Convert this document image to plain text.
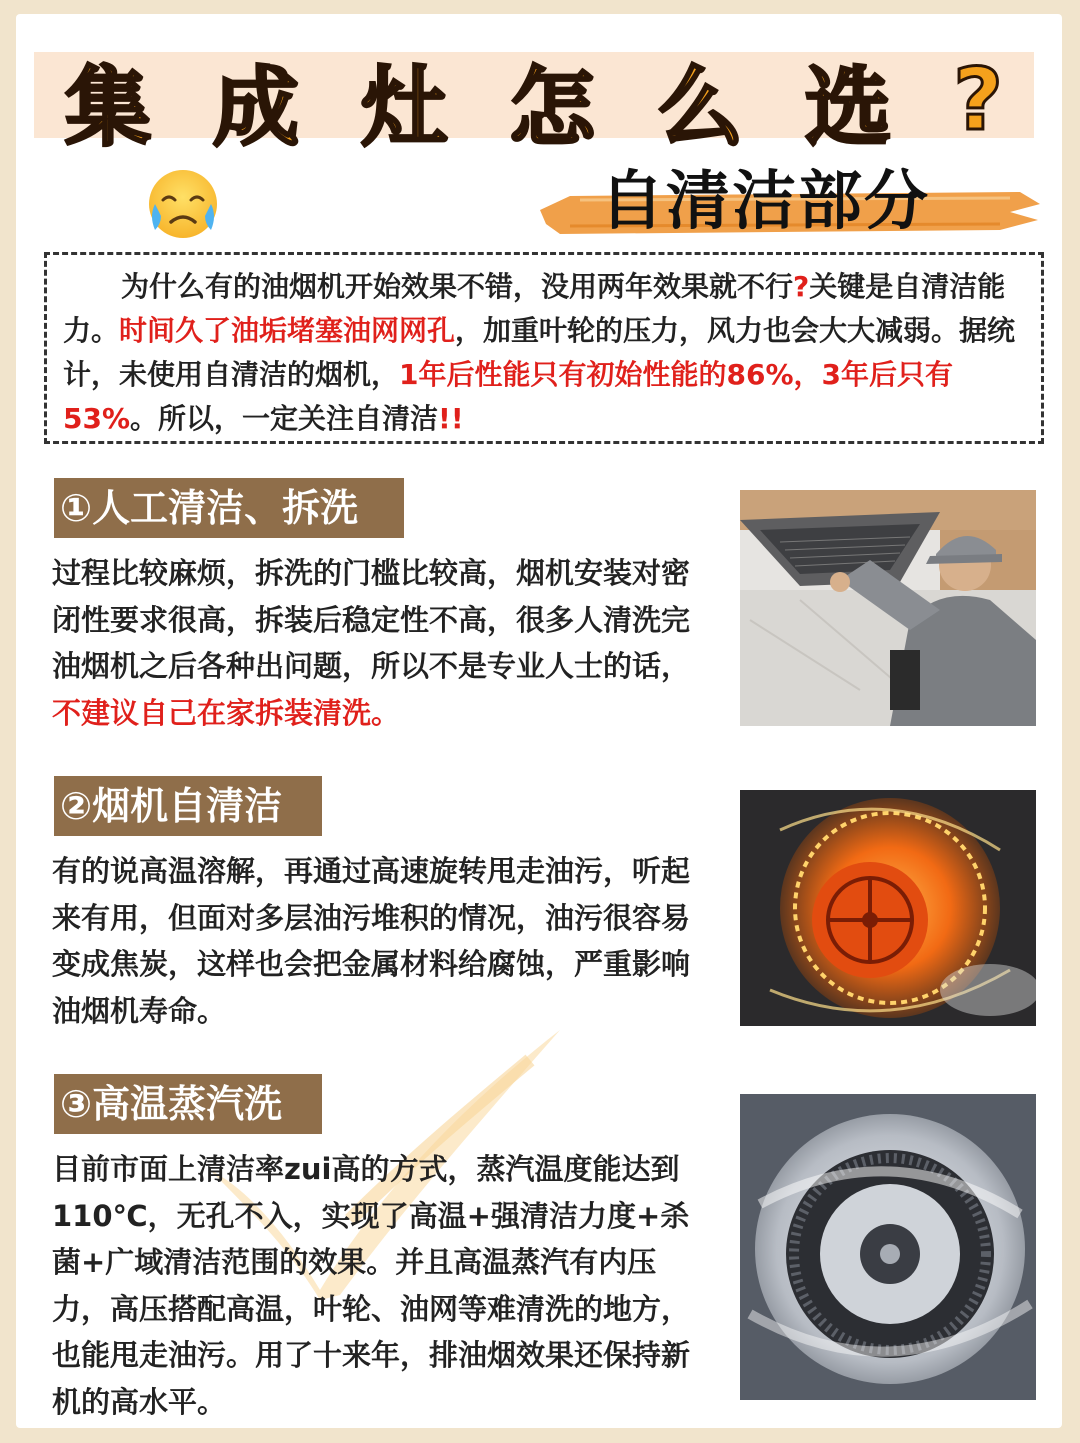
集 成 灶 怎 么 选 ?
自清洁部分
为什么有的油烟机开始效果不错，没用两年效果就不行?关键是自清洁能力。时间久了油垢堵塞油网网孔，加重叶轮的压力，风力也会大大减弱。据统计，未使用自清洁的烟机，1年后性能只有初始性能的86%，3年后只有53%。所以，一定关注自清洁!!
①人工清洁、拆洗
过程比较麻烦，拆洗的门槛比较高，烟机安装对密闭性要求很高，拆装后稳定性不高，很多人清洗完油烟机之后各种出问题，所以不是专业人士的话，不建议自己在家拆装清洗。
②烟机自清洁
有的说高温溶解，再通过高速旋转甩走油污，听起来有用，但面对多层油污堆积的情况，油污很容易变成焦炭，这样也会把金属材料给腐蚀，严重影响油烟机寿命。
③高温蒸汽洗
目前市面上清洁率zui高的方式，蒸汽温度能达到110℃，无孔不入，实现了高温+强清洁力度+杀菌+广域清洁范围的效果。并且高温蒸汽有内压力，高压搭配高温，叶轮、油网等难清洗的地方，也能甩走油污。用了十来年，排油烟效果还保持新机的高水平。
